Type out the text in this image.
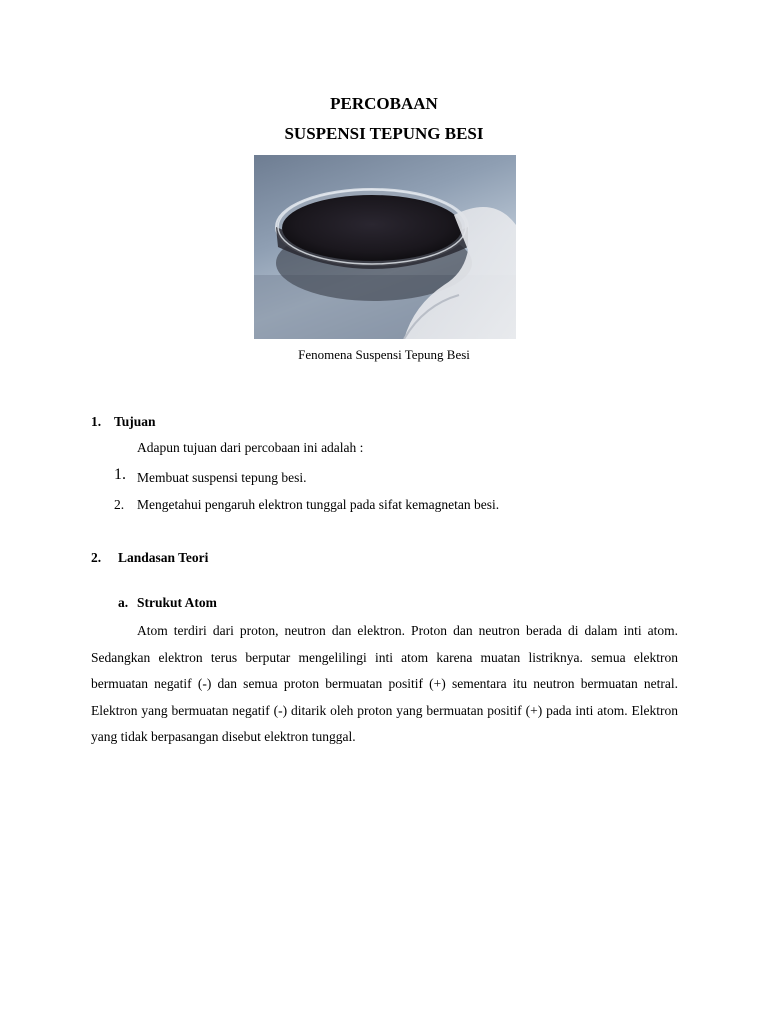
PERCOBAAN
SUSPENSI TEPUNG BESI
Fenomena Suspensi Tepung Besi
1. Tujuan
Adapun tujuan dari percobaan ini adalah :
1. Membuat suspensi tepung besi.
2. Mengetahui pengaruh elektron tunggal pada sifat kemagnetan besi.
2. Landasan Teori
a. Strukut Atom
Atom terdiri dari proton, neutron dan elektron. Proton dan neutron berada di dalam inti atom. Sedangkan elektron terus berputar mengelilingi inti atom karena muatan listriknya. semua elektron bermuatan negatif (-) dan semua proton bermuatan positif (+) sementara itu neutron bermuatan netral. Elektron yang bermuatan negatif (-) ditarik oleh proton yang bermuatan positif (+) pada inti atom. Elektron yang tidak berpasangan disebut elektron tunggal.
